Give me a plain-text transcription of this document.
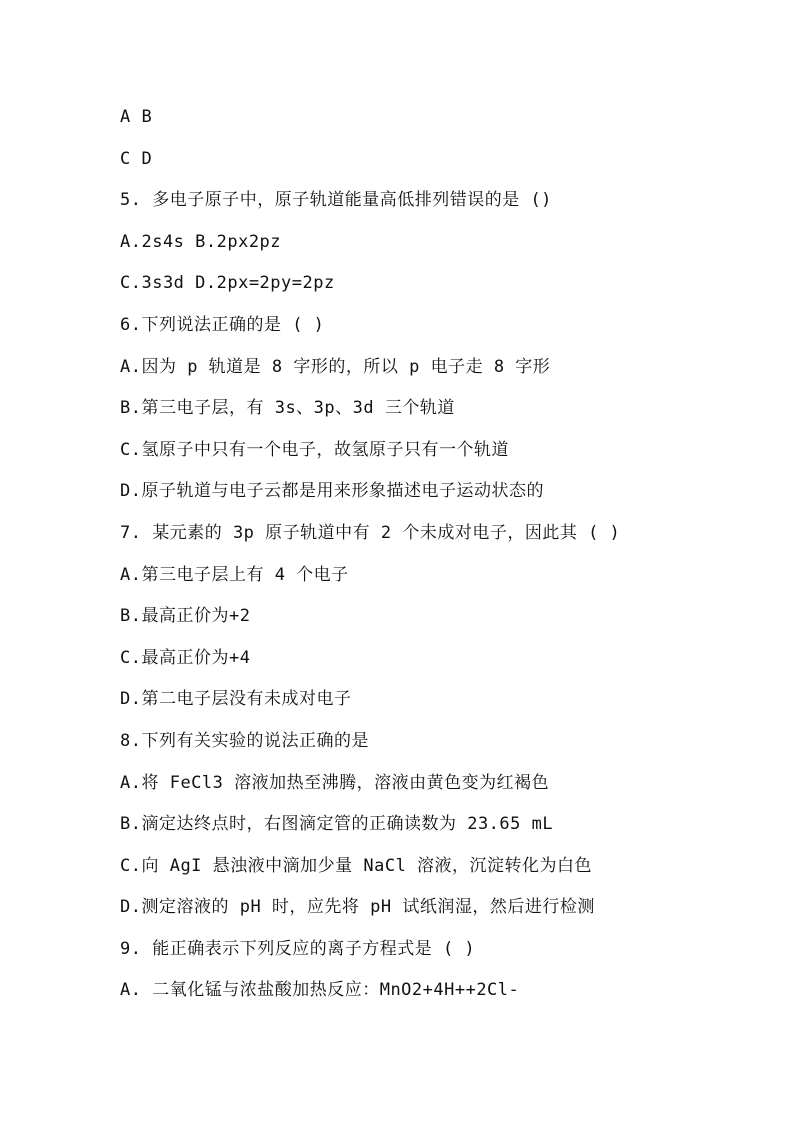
A B
C D
5. 多电子原子中，原子轨道能量高低排列错误的是 ()
A.2s4s B.2px2pz
C.3s3d D.2px=2py=2pz
6.下列说法正确的是 ( )
A.因为 p 轨道是 8 字形的，所以 p 电子走 8 字形
B.第三电子层，有 3s、3p、3d 三个轨道
C.氢原子中只有一个电子，故氢原子只有一个轨道
D.原子轨道与电子云都是用来形象描述电子运动状态的
7. 某元素的 3p 原子轨道中有 2 个未成对电子，因此其 ( )
A.第三电子层上有 4 个电子
B.最高正价为+2
C.最高正价为+4
D.第二电子层没有未成对电子
8.下列有关实验的说法正确的是
A.将 FeCl3 溶液加热至沸腾，溶液由黄色变为红褐色
B.滴定达终点时，右图滴定管的正确读数为 23.65 mL
C.向 AgI 悬浊液中滴加少量 NaCl 溶液，沉淀转化为白色
D.测定溶液的 pH 时，应先将 pH 试纸润湿，然后进行检测
9. 能正确表示下列反应的离子方程式是 ( )
A. 二氧化锰与浓盐酸加热反应：MnO2+4H++2Cl-
